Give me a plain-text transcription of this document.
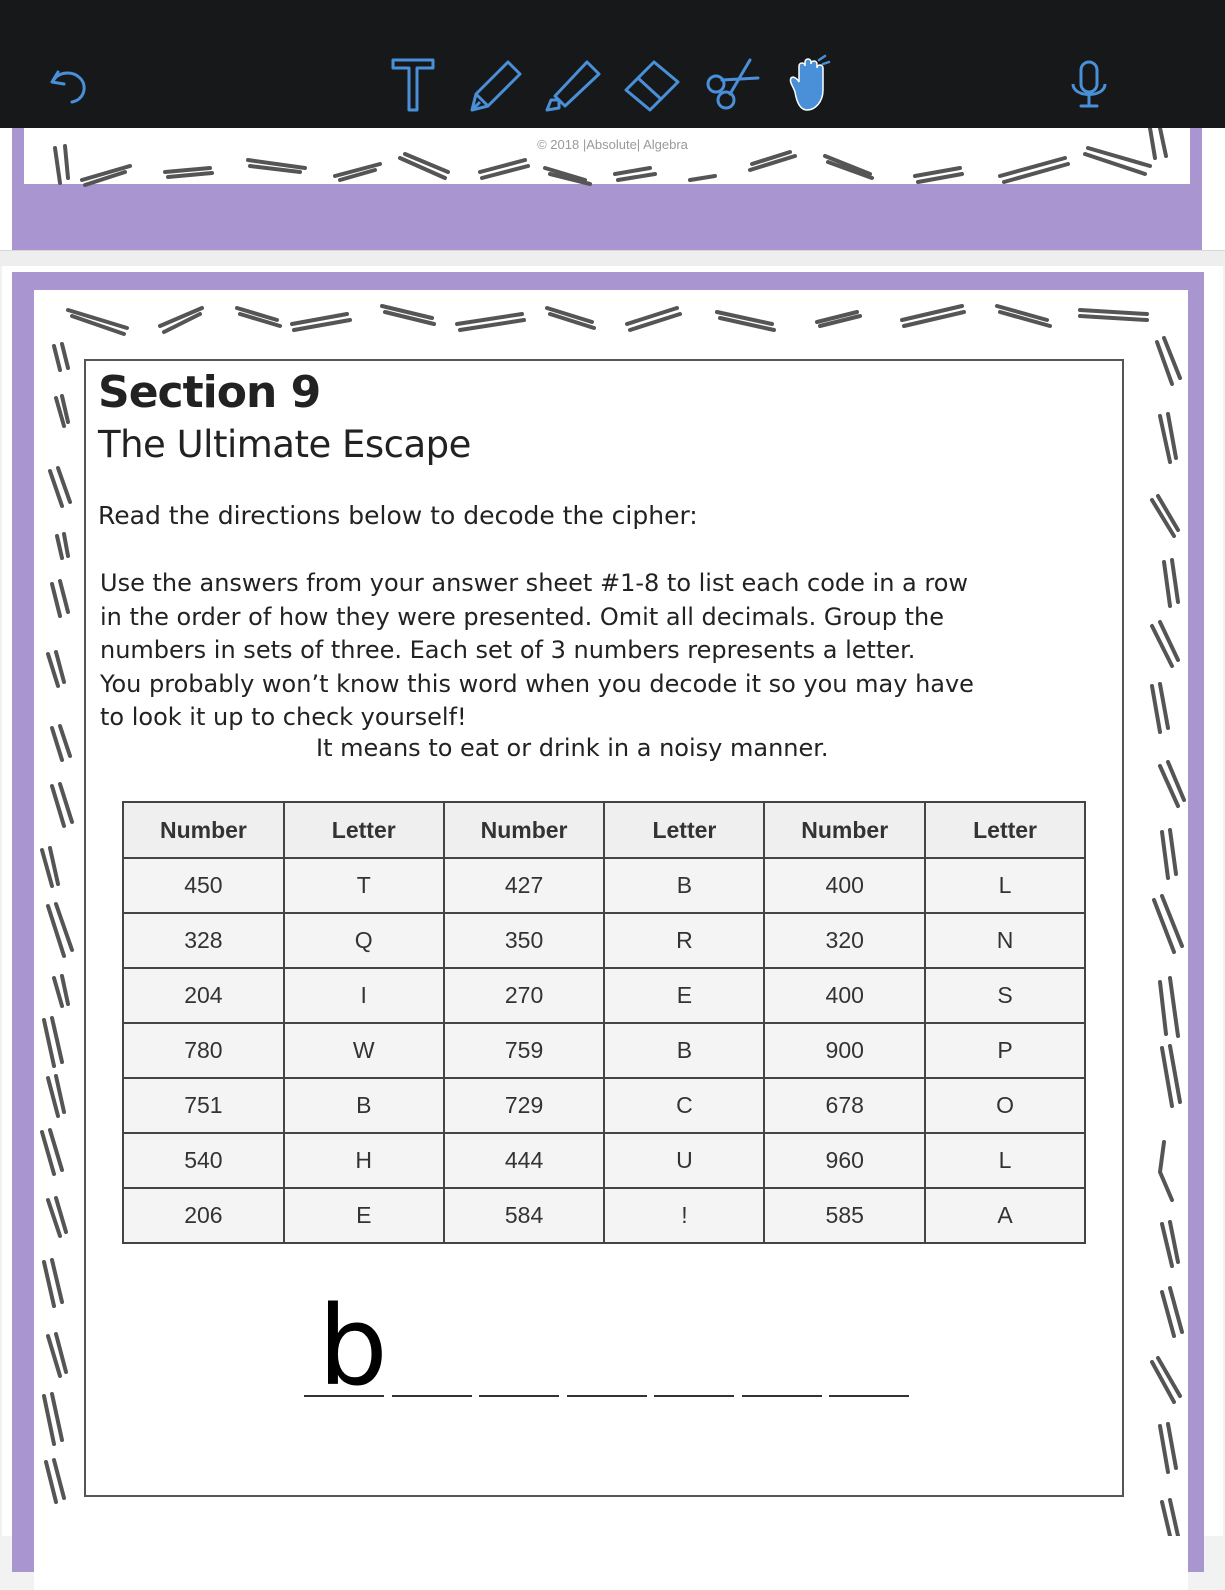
© 2018 |Absolute| Algebra
Section 9
The Ultimate Escape
Read the directions below to decode the cipher:
Use the answers from your answer sheet #1-8 to list each code in a row
in the order of how they were presented. Omit all decimals. Group the
numbers in sets of three. Each set of 3 numbers represents a letter.
You probably won’t know this word when you decode it so you may have
to look it up to check yourself!
It means to eat or drink in a noisy manner.
Number	Letter	Number	Letter	Number	Letter
450	T	427	B	400	L
328	Q	350	R	320	N
204	I	270	E	400	S
780	W	759	B	900	P
751	B	729	C	678	O
540	H	444	U	960	L
206	E	584	!	585	A
b
